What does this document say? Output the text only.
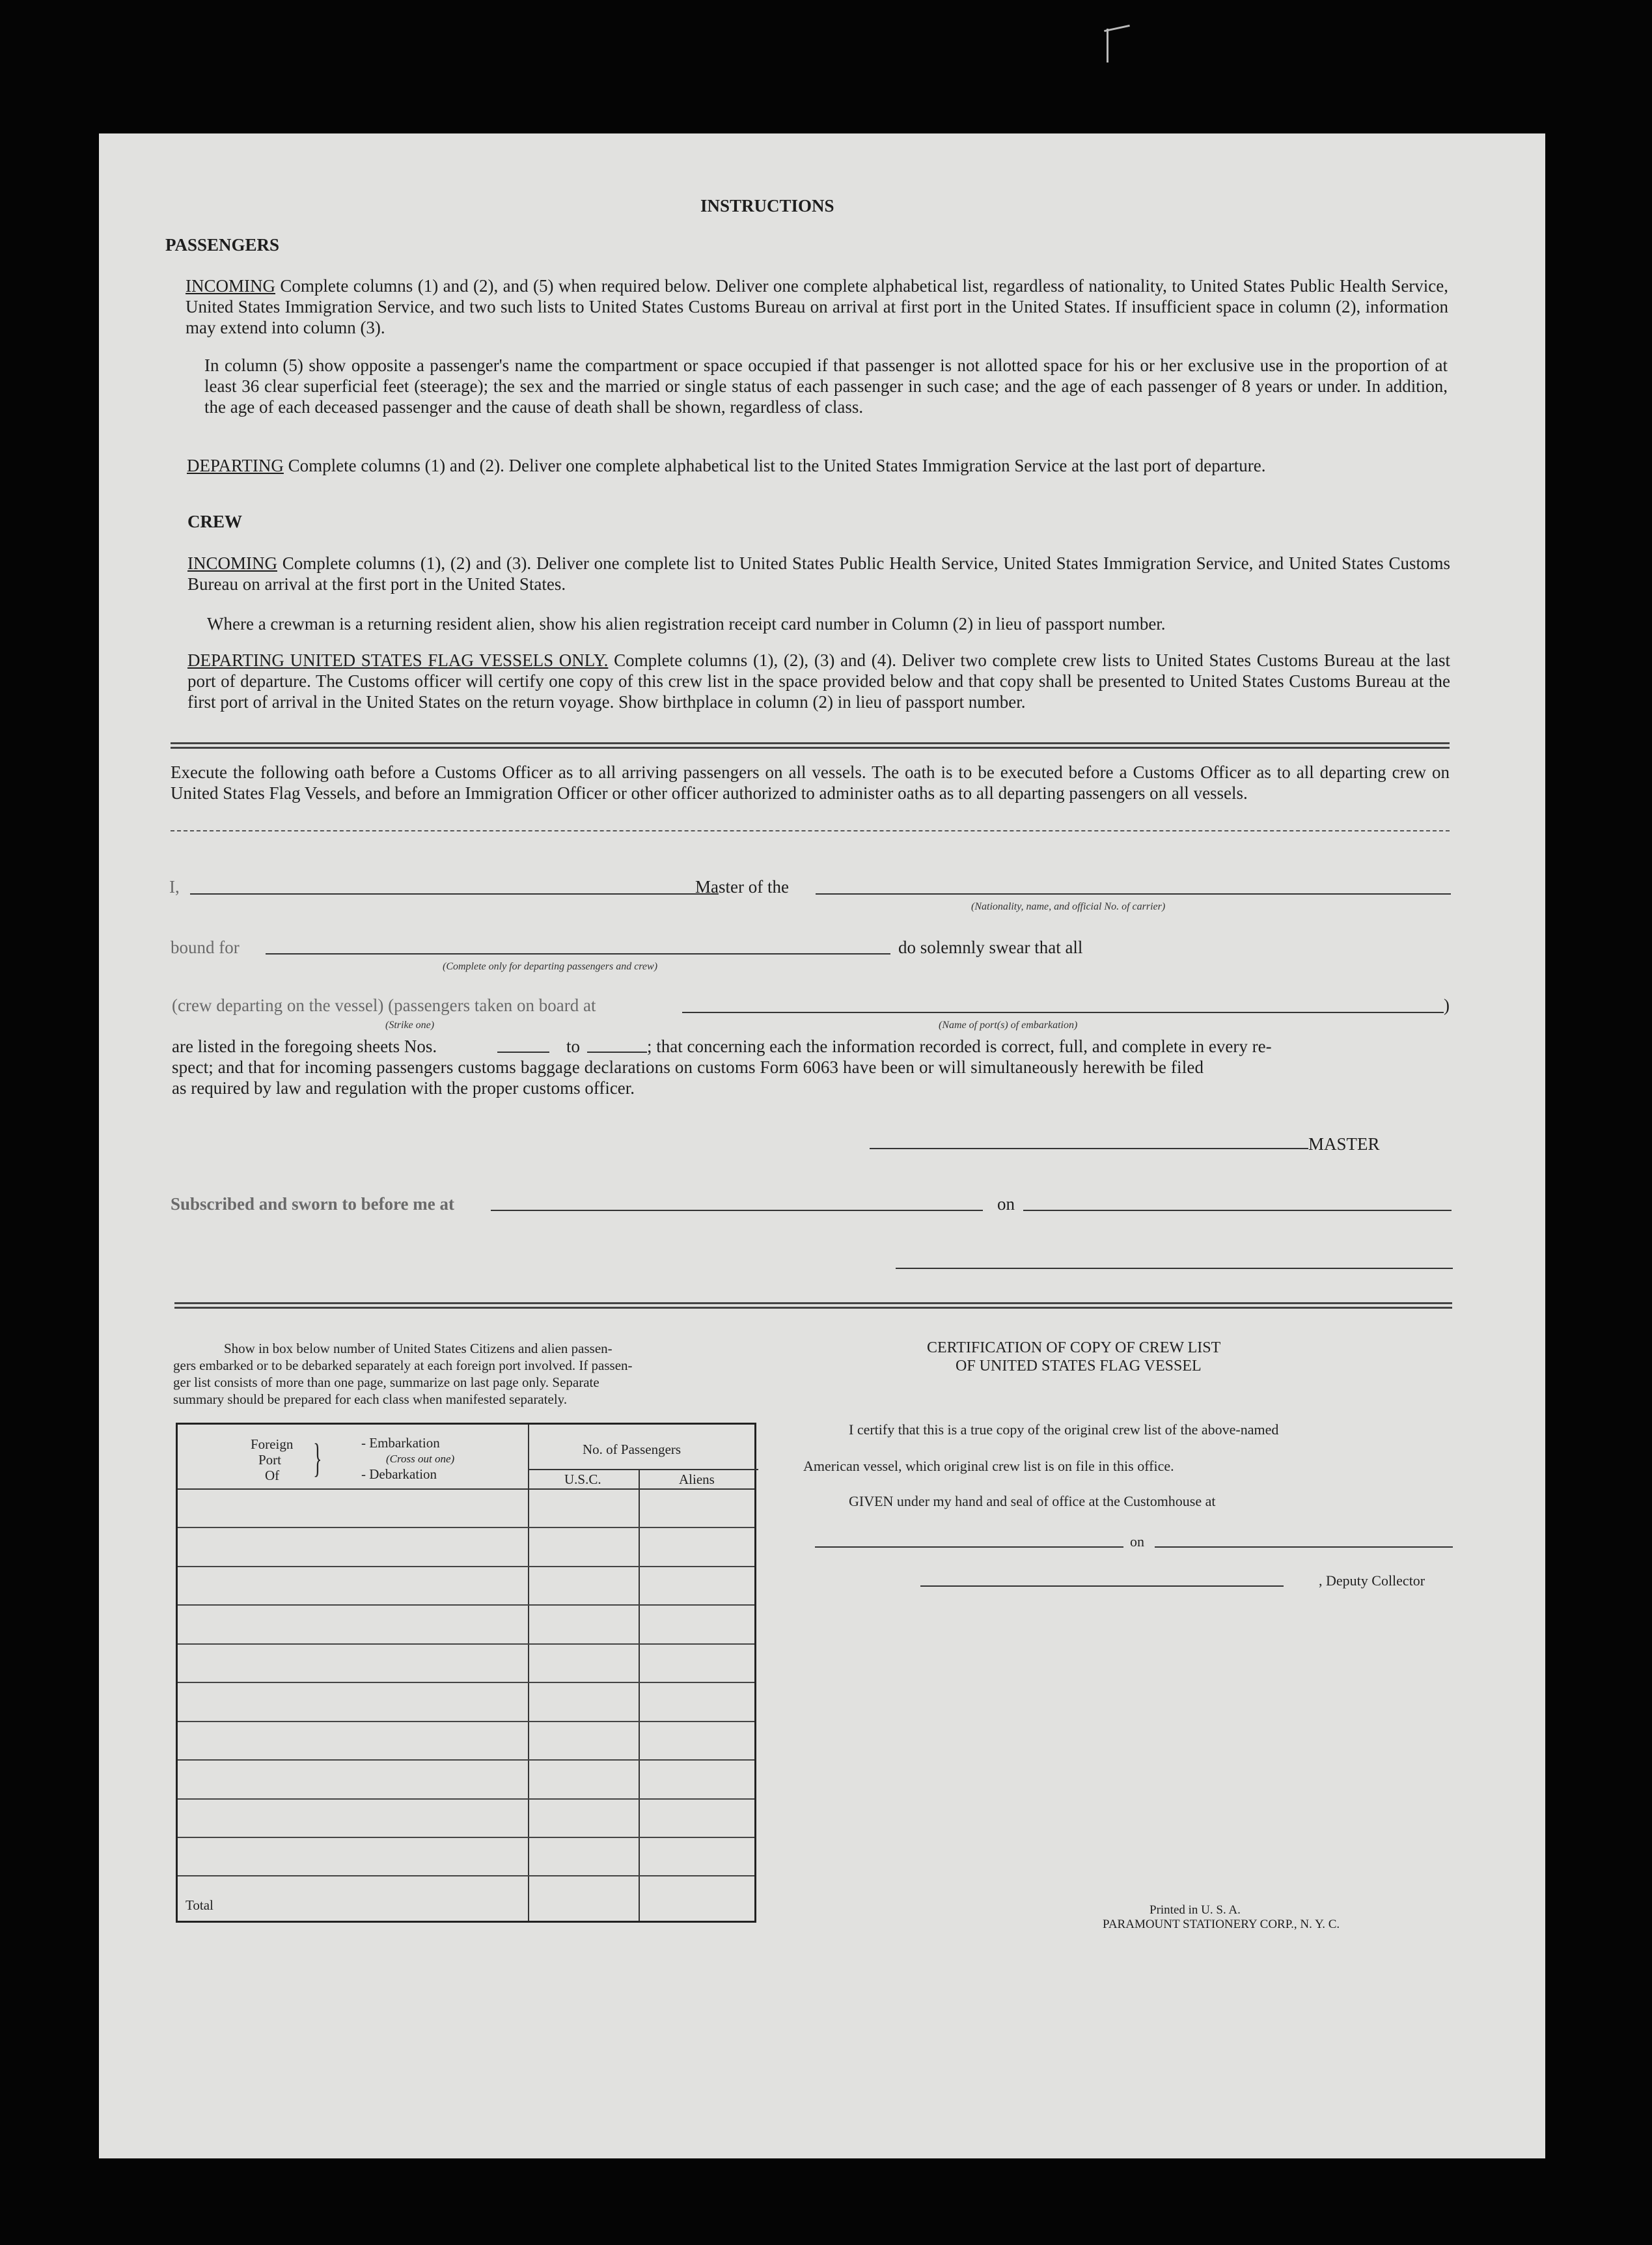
INSTRUCTIONS
PASSENGERS
INCOMING Complete columns (1) and (2), and (5) when required below. Deliver one complete alphabetical list, regardless of nationality, to United States Public Health Service, United States Immigration Service, and two such lists to United States Customs Bureau on arrival at first port in the United States. If insufficient space in column (2), information may extend into column (3).
In column (5) show opposite a passenger's name the compartment or space occupied if that passenger is not allotted space for his or her exclusive use in the proportion of at least 36 clear superficial feet (steerage); the sex and the married or single status of each passenger in such case; and the age of each passenger of 8 years or under. In addition, the age of each deceased passenger and the cause of death shall be shown, regardless of class.
DEPARTING Complete columns (1) and (2). Deliver one complete alphabetical list to the United States Immigration Service at the last port of departure.
CREW
INCOMING Complete columns (1), (2) and (3). Deliver one complete list to United States Public Health Service, United States Immigration Service, and United States Customs Bureau on arrival at the first port in the United States.
Where a crewman is a returning resident alien, show his alien registration receipt card number in Column (2) in lieu of passport number.
DEPARTING UNITED STATES FLAG VESSELS ONLY. Complete columns (1), (2), (3) and (4). Deliver two complete crew lists to United States Customs Bureau at the last port of departure. The Customs officer will certify one copy of this crew list in the space provided below and that copy shall be presented to United States Customs Bureau at the first port of arrival in the United States on the return voyage. Show birthplace in column (2) in lieu of passport number.
Execute the following oath before a Customs Officer as to all arriving passengers on all vessels. The oath is to be executed before a Customs Officer as to all departing crew on United States Flag Vessels, and before an Immigration Officer or other officer authorized to administer oaths as to all departing passengers on all vessels.
I,	Master of the
(Nationality, name, and official No. of carrier)
bound for
(Complete only for departing passengers and crew)
do solemnly swear that all
(crew departing on the vessel) (passengers taken on board at
(Strike one)	(Name of port(s) of embarkation)
)
are listed in the foregoing sheets Nos.	to	; that concerning each the information recorded is correct, full, and complete in every re-
spect; and that for incoming passengers customs baggage declarations on customs Form 6063 have been or will simultaneously herewith be filed
as required by law and regulation with the proper customs officer.
MASTER
Subscribed and sworn to before me at	on
Show in box below number of United States Citizens and alien passen-
gers embarked or to be debarked separately at each foreign port involved. If passen-
ger list consists of more than one page, summarize on last page only. Separate
summary should be prepared for each class when manifested separately.
Foreign
Port
Of }	- Embarkation
(Cross out one)
- Debarkation
No. of Passengers
U.S.C.	Aliens
Total
CERTIFICATION OF COPY OF CREW LIST
OF UNITED STATES FLAG VESSEL
I certify that this is a true copy of the original crew list of the above-named
American vessel, which original crew list is on file in this office.
GIVEN under my hand and seal of office at the Customhouse at
on
, Deputy Collector
Printed in U. S. A.
PARAMOUNT STATIONERY CORP., N. Y. C.
